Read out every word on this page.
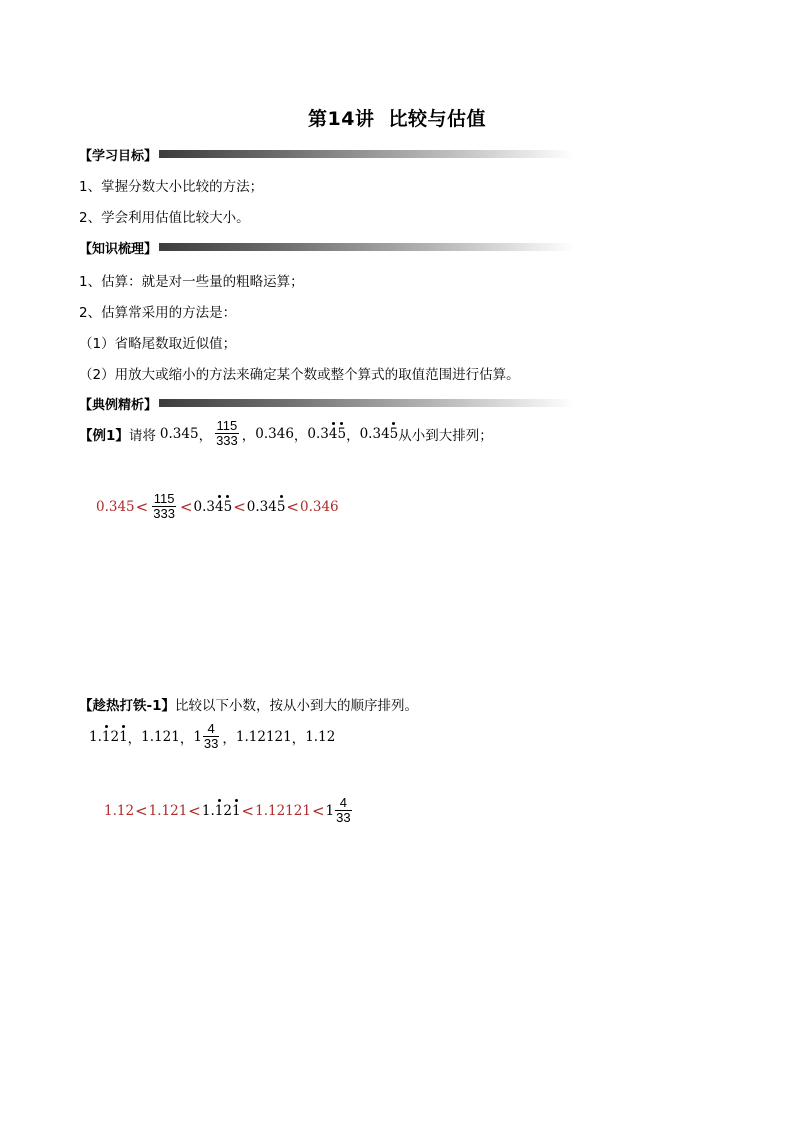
第14讲 比较与估值
【学习目标】
1、掌握分数大小比较的方法；
2、学会利用估值比较大小。
【知识梳理】
1、估算：就是对一些量的粗略运算；
2、估算常采用的方法是：
（1）省略尾数取近似值；
（2）用放大或缩小的方法来确定某个数或整个算式的取值范围进行估算。
【典例精析】
【例1】 请将 0.345 ， $\frac{115}{333}$ ， 0.346 ， 0.345 ， 0.345 从小到大排列；
$0.345 < \frac{115}{333} < 0.345 < 0.345 < 0.346$
【趁热打铁-1】比较以下小数，按从小到大的顺序排列。
1.121 ， 1.121 ， $1 \frac{4}{33}$ ， 1.12121 ， 1.12
$1.12 < 1.121 < 1.121 < 1.12121 < 1 \frac{4}{33}$
